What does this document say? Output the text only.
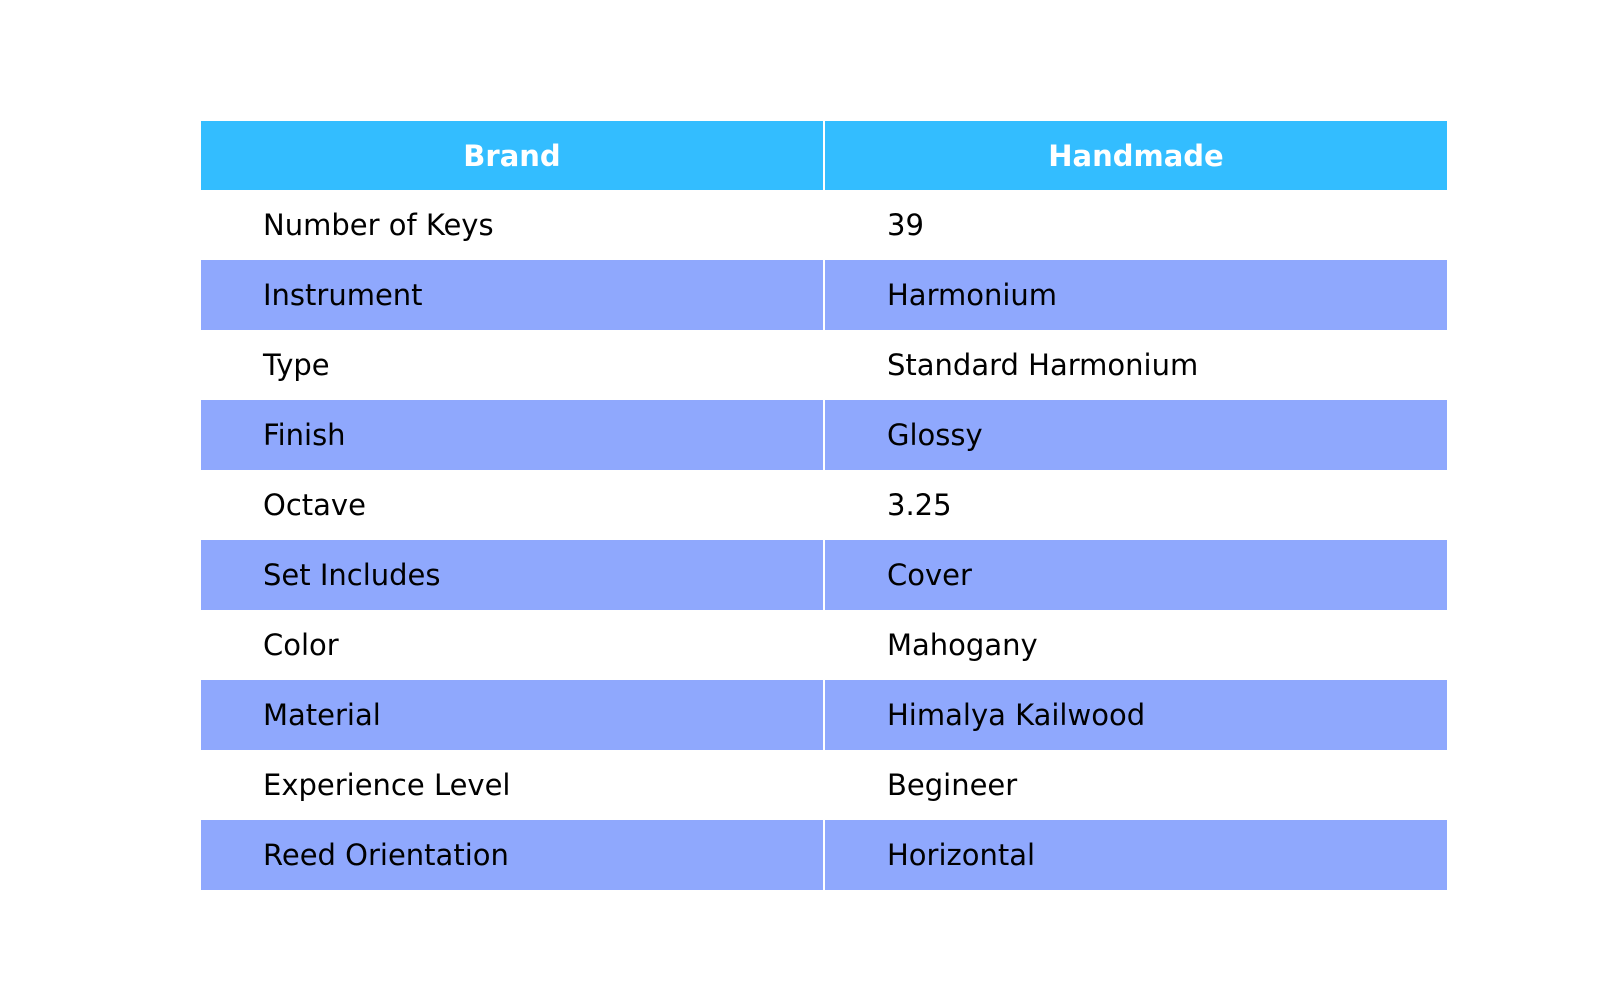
Brand	Handmade
Number of Keys	39
Instrument	Harmonium
Type	Standard Harmonium
Finish	Glossy
Octave	3.25
Set Includes	Cover
Color	Mahogany
Material	Himalya Kailwood
Experience Level	Begineer
Reed Orientation	Horizontal
